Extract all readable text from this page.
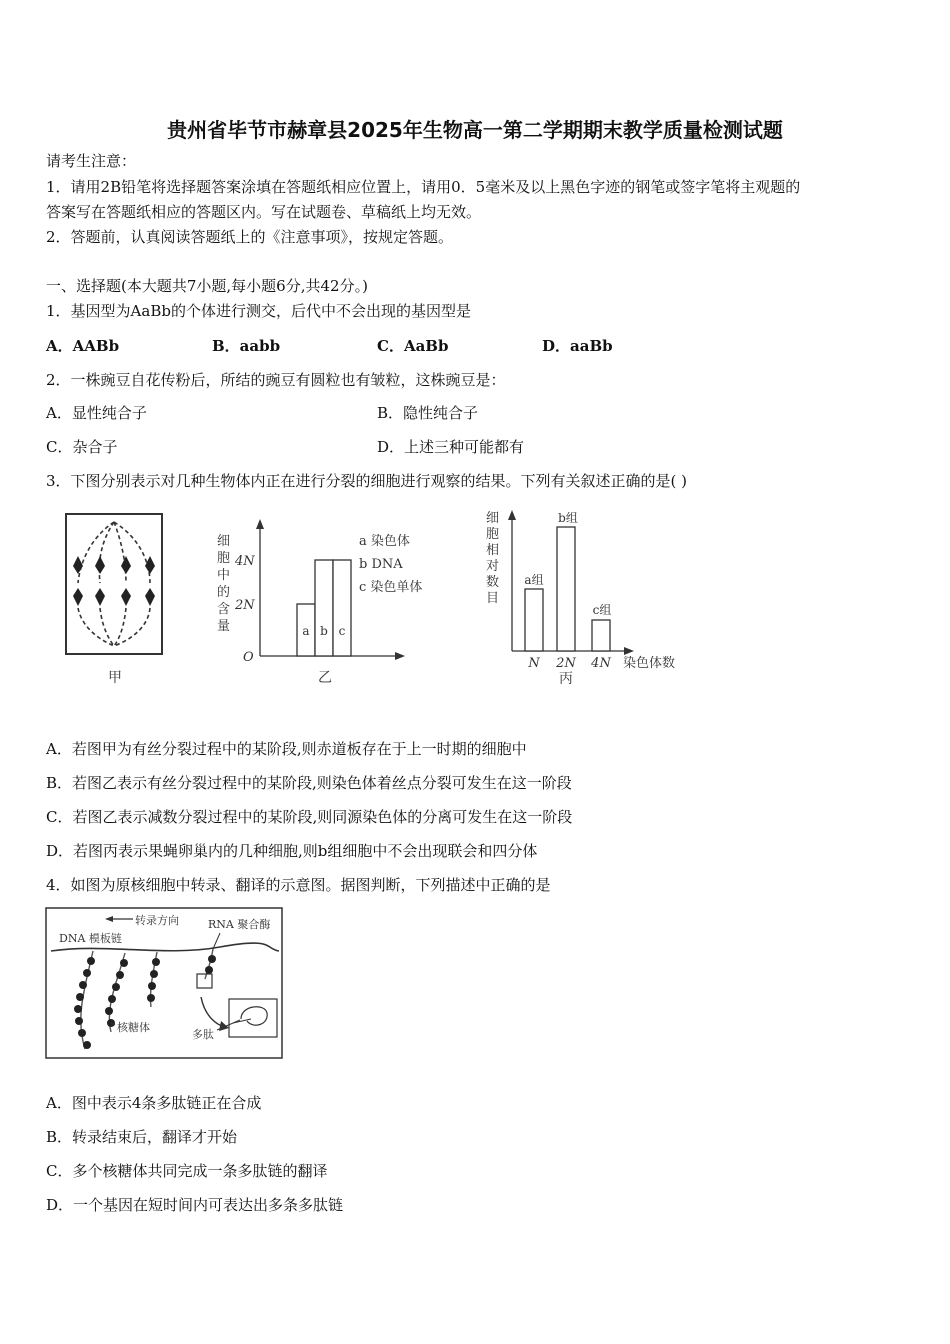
贵州省毕节市赫章县2025年生物高一第二学期期末教学质量检测试题
请考生注意：
1．请用2B铅笔将选择题答案涂填在答题纸相应位置上，请用0．5毫米及以上黑色字迹的钢笔或签字笔将主观题的
答案写在答题纸相应的答题区内。写在试题卷、草稿纸上均无效。
2．答题前，认真阅读答题纸上的《注意事项》，按规定答题。
一、选择题(本大题共7小题,每小题6分,共42分。)
1．基因型为AaBb的个体进行测交，后代中不会出现的基因型是
A．AABb	B．aabb	C．AaBb	D．aaBb
2．一株豌豆自花传粉后，所结的豌豆有圆粒也有皱粒，这株豌豆是：
A．显性纯合子	B．隐性纯合子
C．杂合子	D．上述三种可能都有
3．下图分别表示对几种生物体内正在进行分裂的细胞进行观察的结果。下列有关叙述正确的是( )
甲
细
胞
中
的
含
量
4N
2N
O
a b c
a 染色体
b DNA
c 染色单体
乙
细
胞
相
对
数
目
a组
b组
c组
N 2N 4N 染色体数
丙
A．若图甲为有丝分裂过程中的某阶段,则赤道板存在于上一时期的细胞中
B．若图乙表示有丝分裂过程中的某阶段,则染色体着丝点分裂可发生在这一阶段
C．若图乙表示减数分裂过程中的某阶段,则同源染色体的分离可发生在这一阶段
D．若图丙表示果蝇卵巢内的几种细胞,则b组细胞中不会出现联会和四分体
4．如图为原核细胞中转录、翻译的示意图。据图判断，下列描述中正确的是
转录方向	RNA 聚合酶
DNA 模板链
核糖体
多肽
A．图中表示4条多肽链正在合成
B．转录结束后，翻译才开始
C．多个核糖体共同完成一条多肽链的翻译
D．一个基因在短时间内可表达出多条多肽链
